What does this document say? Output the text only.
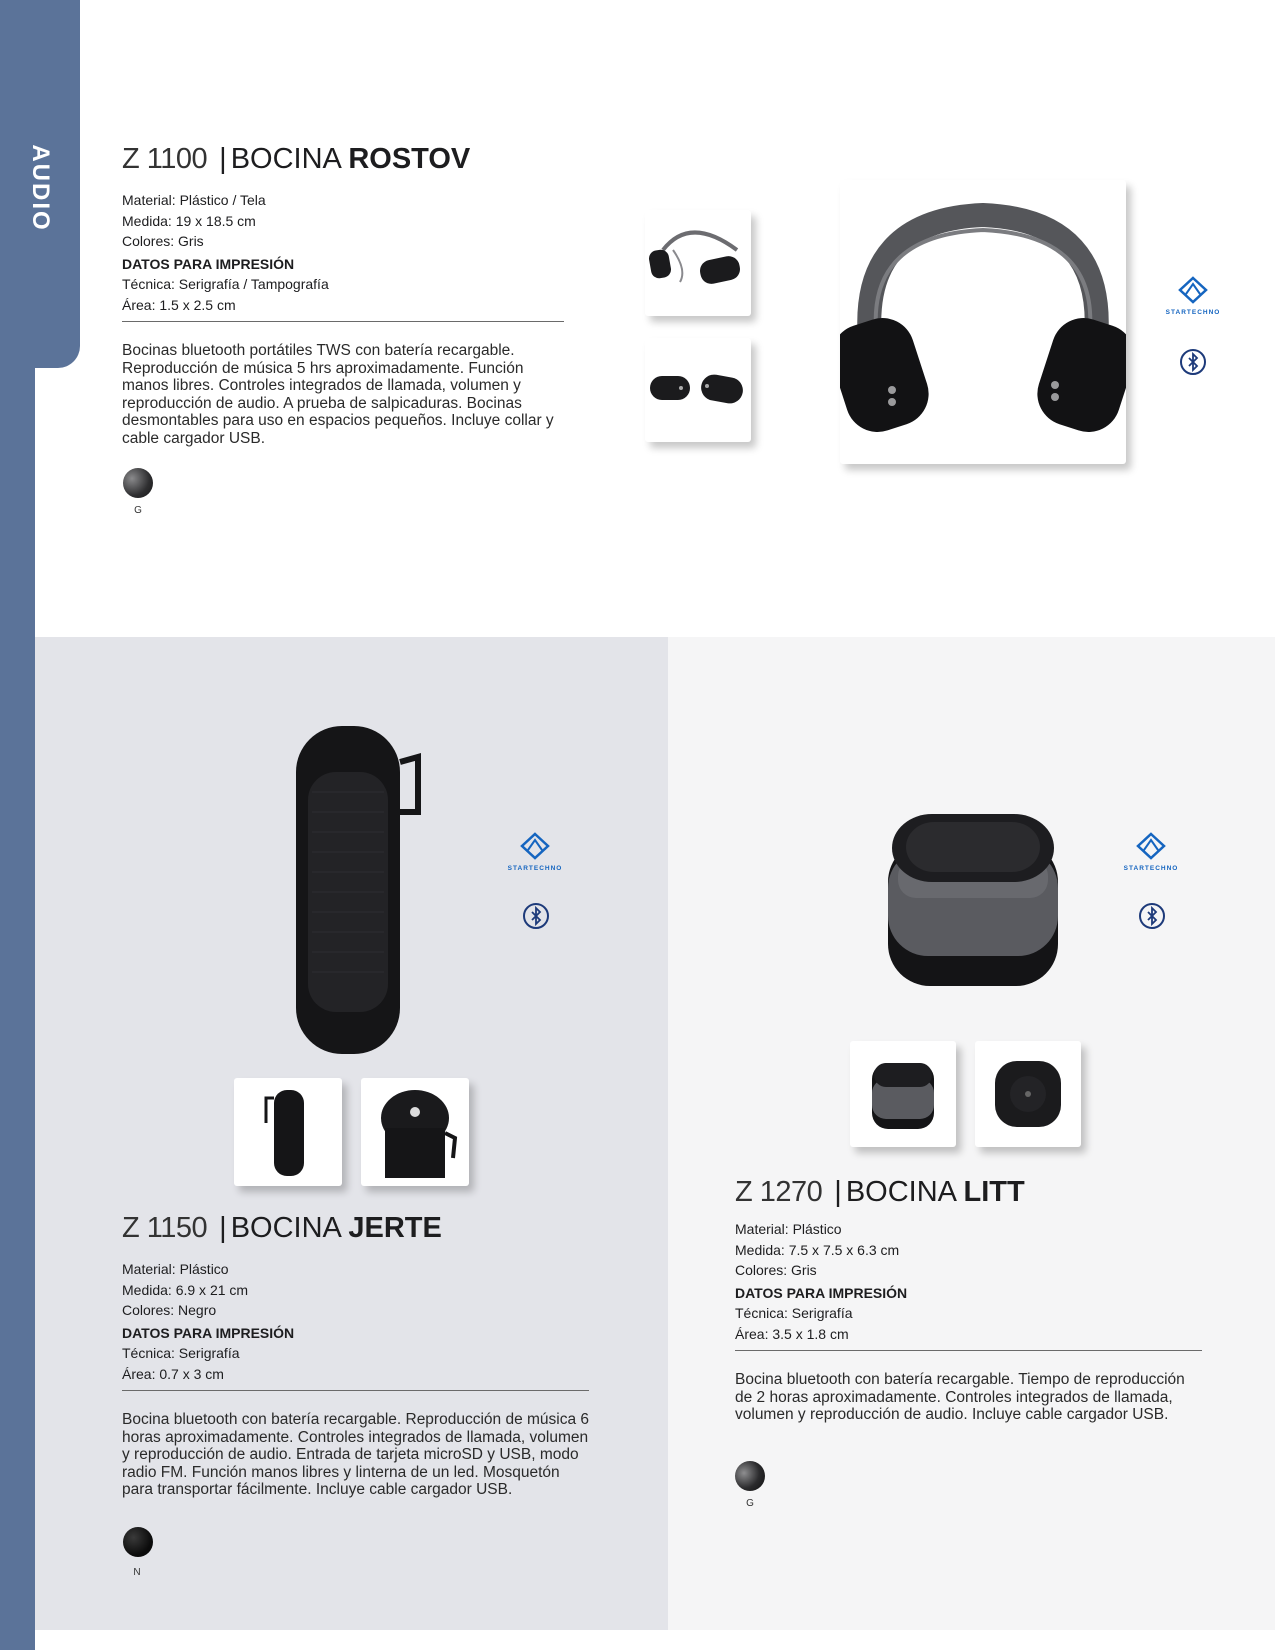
AUDIO Z 1100 | BOCINA ROSTOV
Material: Plástico / Tela
Medida: 19 x 18.5 cm
Colores: Gris
DATOS PARA IMPRESIÓN
Técnica: Serigrafía / Tampografía
Área: 1.5 x 2.5 cm
Bocinas bluetooth portátiles TWS con batería recargable. Reproducción de música 5 hrs aproximadamente. Función manos libres. Controles integrados de llamada, volumen y reproducción de audio. A prueba de salpicaduras. Bocinas desmontables para uso en espacios pequeños. Incluye collar y cable cargador USB.
G
STARTECHNO
STARTECHNO
Z 1150 | BOCINA JERTE
Material: Plástico
Medida: 6.9 x 21 cm
Colores: Negro
DATOS PARA IMPRESIÓN
Técnica: Serigrafía
Área: 0.7 x 3 cm
Bocina bluetooth con batería recargable. Reproducción de música 6 horas aproximadamente. Controles integrados de llamada, volumen y reproducción de audio. Entrada de tarjeta microSD y USB, modo radio FM. Función manos libres y linterna de un led. Mosquetón para transportar fácilmente. Incluye cable cargador USB.
N
STARTECHNO
Z 1270 | BOCINA LITT
Material: Plástico
Medida: 7.5 x 7.5 x 6.3 cm
Colores: Gris
DATOS PARA IMPRESIÓN
Técnica: Serigrafía
Área: 3.5 x 1.8 cm
Bocina bluetooth con batería recargable. Tiempo de reproducción de 2 horas aproximadamente. Controles integrados de llamada, volumen y reproducción de audio. Incluye cable cargador USB.
G
